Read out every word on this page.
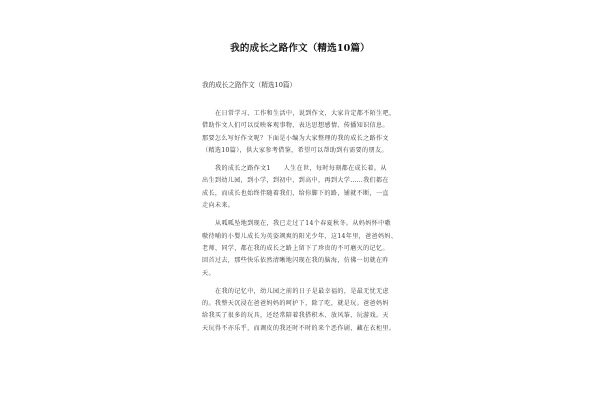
我的成长之路作文（精选10篇）
我的成长之路作文（精选10篇）
在日常学习、工作和生活中，说到作文，大家肯定都不陌生吧，
借助作文人们可以反映客观事物、表达思想感情、传播知识信息。
那要怎么写好作文呢？下面是小编为大家整理的我的成长之路作文
（精选10篇），供大家参考借鉴，希望可以帮助到有需要的朋友。
我的成长之路作文1　　人生在世，每时每刻都在成长着。从
出生到幼儿园，到小学，到初中，到高中，再到大学……我们都在
成长，而成长也始终伴随着我们，给你脚下的路，铺就不断，一直
走向未来。
从呱呱坠地到现在，我已走过了14个春夏秋冬。从妈妈怀中嗷
嗷待哺的小婴儿成长为英姿飒爽的阳光少年，这14年里，爸爸妈妈、
老师、同学，都在我的成长之路上留下了珍贵的不可磨灭的记忆。
回首过去，那些快乐依然清晰地闪现在我的脑海，仿佛一切就在昨
天。
在我的记忆中，幼儿园之前的日子是最幸福的，是最无忧无虑
的。我整天沉浸在爸爸妈妈的呵护下，除了吃，就是玩。爸爸妈妈
给我买了很多的玩具，还经常陪着我搭积木、放风筝、玩游戏。天
天玩得不亦乐乎，而调皮的我还时不时的来个恶作剧，藏在衣柜里。
